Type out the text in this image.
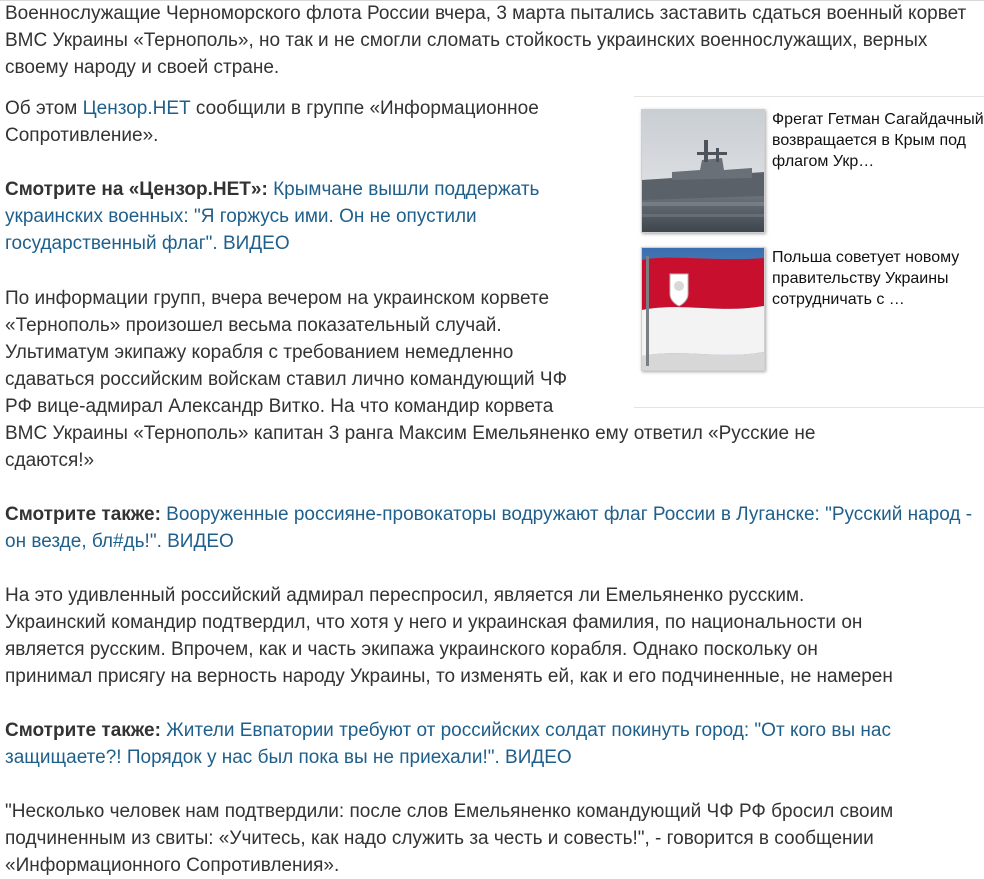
Военнослужащие Черноморского флота России вчера, 3 марта пытались заставить сдаться военный корвет ВМС Украины «Тернополь», но так и не смогли сломать стойкость украинских военнослужащих, верных своему народу и своей стране.

Об этом Цензор.НЕТ сообщили в группе «Информационное Сопротивление».

Смотрите на «Цензор.НЕТ»: Крымчане вышли поддержать украинских военных: "Я горжусь ими. Он не опустили государственный флаг". ВИДЕО

По информации групп, вчера вечером на украинском корвете
«Тернополь» произошел весьма показательный случай.
Ультиматум экипажу корабля с требованием немедленно
сдаваться российским войскам ставил лично командующий ЧФ
РФ вице-адмирал Александр Витко. На что командир корвета
ВМС Украины «Тернополь» капитан 3 ранга Максим Емельяненко ему ответил «Русские не
сдаются!»

Смотрите также: Вооруженные россияне-провокаторы водружают флаг России в Луганске: "Русский народ - он везде, бл#дь!". ВИДЕО

На это удивленный российский адмирал переспросил, является ли Емельяненко русским.
Украинский командир подтвердил, что хотя у него и украинская фамилия, по национальности он
является русским. Впрочем, как и часть экипажа украинского корабля. Однако поскольку он
принимал присягу на верность народу Украины, то изменять ей, как и его подчиненные, не намерен

Смотрите также: Жители Евпатории требуют от российских солдат покинуть город: "От кого вы нас защищаете?! Порядок у нас был пока вы не приехали!". ВИДЕО

"Несколько человек нам подтвердили: после слов Емельяненко командующий ЧФ РФ бросил своим подчиненным из свиты: «Учитесь, как надо служить за честь и совесть!", - говорится в сообщении «Информационного Сопротивления».

Фрегат Гетман Сагайдачный возвращается в Крым под флагом Укр…
Польша советует новому правительству Украины сотрудничать с …
